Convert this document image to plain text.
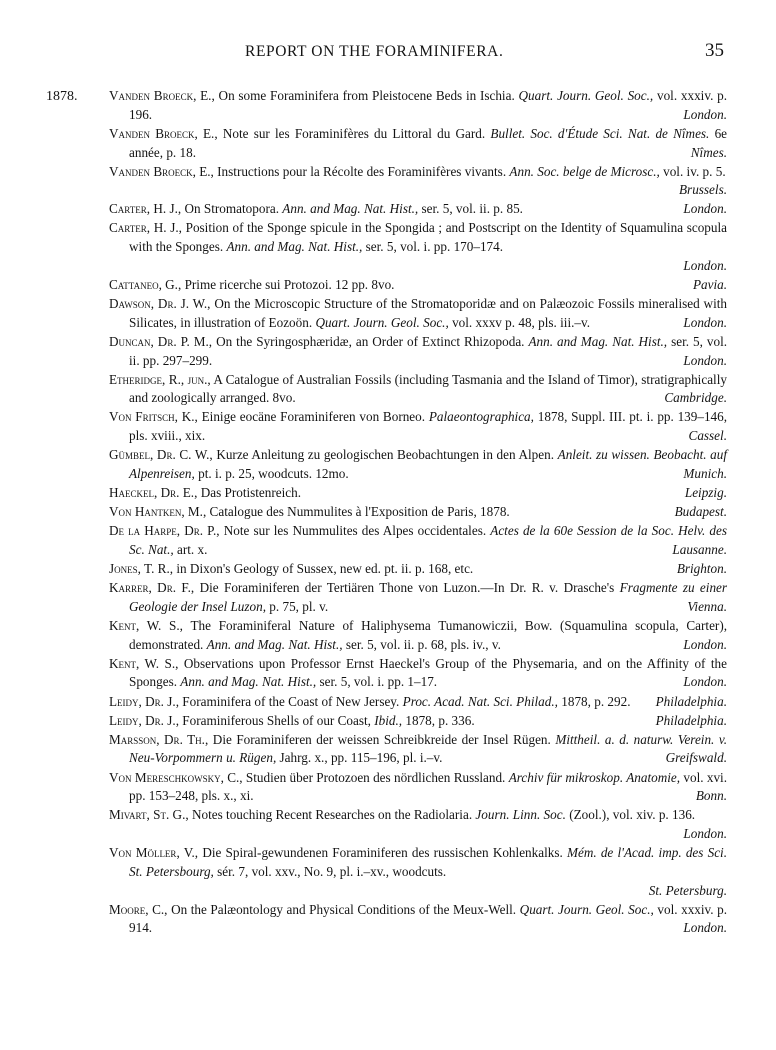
REPORT ON THE FORAMINIFERA.	35
1878. Vanden Broeck, E., On some Foraminifera from Pleistocene Beds in Ischia. Quart. Journ. Geol. Soc., vol. xxxiv. p. 196.	London.

Vanden Broeck, E., Note sur les Foraminifères du Littoral du Gard. Bullet. Soc. d'Étude Sci. Nat. de Nîmes. 6e année, p. 18.	Nîmes.

Vanden Broeck, E., Instructions pour la Récolte des Foraminifères vivants. Ann. Soc. belge de Microsc., vol. iv. p. 5.
Brussels.

Carter, H. J., On Stromatopora. Ann. and Mag. Nat. Hist., ser. 5, vol. ii. p. 85.	London.

Carter, H. J., Position of the Sponge spicule in the Spongida ; and Postscript on the Identity of Squamulina scopula with the Sponges. Ann. and Mag. Nat. Hist., ser. 5, vol. i. pp. 170–174.
London.

Cattaneo, G., Prime ricerche sui Protozoi. 12 pp. 8vo.	Pavia.

Dawson, Dr. J. W., On the Microscopic Structure of the Stromatoporidæ and on Palæozoic Fossils mineralised with Silicates, in illustration of Eozoön. Quart. Journ. Geol. Soc., vol. xxxv p. 48, pls. iii.–v.	London.

Duncan, Dr. P. M., On the Syringosphæridæ, an Order of Extinct Rhizopoda. Ann. and Mag. Nat. Hist., ser. 5, vol. ii. pp. 297–299.	London.

Etheridge, R., jun., A Catalogue of Australian Fossils (including Tasmania and the Island of Timor), stratigraphically and zoologically arranged. 8vo.	Cambridge.

Von Fritsch, K., Einige eocäne Foraminiferen von Borneo. Palaeontographica, 1878, Suppl. III. pt. i. pp. 139–146, pls. xviii., xix.	Cassel.

Gümbel, Dr. C. W., Kurze Anleitung zu geologischen Beobachtungen in den Alpen. Anleit. zu wissen. Beobacht. auf Alpenreisen, pt. i. p. 25, woodcuts. 12mo.	Munich.

Haeckel, Dr. E., Das Protistenreich.	Leipzig.

Von Hantken, M., Catalogue des Nummulites à l'Exposition de Paris, 1878.	Budapest.

De la Harpe, Dr. P., Note sur les Nummulites des Alpes occidentales. Actes de la 60e Session de la Soc. Helv. des Sc. Nat., art. x.	Lausanne.

Jones, T. R., in Dixon's Geology of Sussex, new ed. pt. ii. p. 168, etc.	Brighton.

Karrer, Dr. F., Die Foraminiferen der Tertiären Thone von Luzon.—In Dr. R. v. Drasche's Fragmente zu einer Geologie der Insel Luzon, p. 75, pl. v.	Vienna.

Kent, W. S., The Foraminiferal Nature of Haliphysema Tumanowiczii, Bow. (Squamulina scopula, Carter), demonstrated. Ann. and Mag. Nat. Hist., ser. 5, vol. ii. p. 68, pls. iv., v.	London.

Kent, W. S., Observations upon Professor Ernst Haeckel's Group of the Physemaria, and on the Affinity of the Sponges. Ann. and Mag. Nat. Hist., ser. 5, vol. i. pp. 1–17.	London.

Leidy, Dr. J., Foraminifera of the Coast of New Jersey. Proc. Acad. Nat. Sci. Philad., 1878, p. 292. Philadelphia.

Leidy, Dr. J., Foraminiferous Shells of our Coast, Ibid., 1878, p. 336.	Philadelphia.

Marsson, Dr. Th., Die Foraminiferen der weissen Schreibkreide der Insel Rügen. Mittheil. a. d. naturw. Verein. v. Neu-Vorpommern u. Rügen, Jahrg. x., pp. 115–196, pl. i.–v.	Greifswald.

Von Mereschkowsky, C., Studien über Protozoen des nördlichen Russland. Archiv für mikroskop. Anatomie, vol. xvi. pp. 153–248, pls. x., xi.	Bonn.

Mivart, St. G., Notes touching Recent Researches on the Radiolaria. Journ. Linn. Soc. (Zool.), vol. xiv. p. 136.
London.

Von Möller, V., Die Spiral-gewundenen Foraminiferen des russischen Kohlenkalks. Mém. de l'Acad. imp. des Sci. St. Petersbourg, sér. 7, vol. xxv., No. 9, pl. i.–xv., woodcuts.
St. Petersburg.

Moore, C., On the Palæontology and Physical Conditions of the Meux-Well. Quart. Journ. Geol. Soc., vol. xxxiv. p. 914.	London.
